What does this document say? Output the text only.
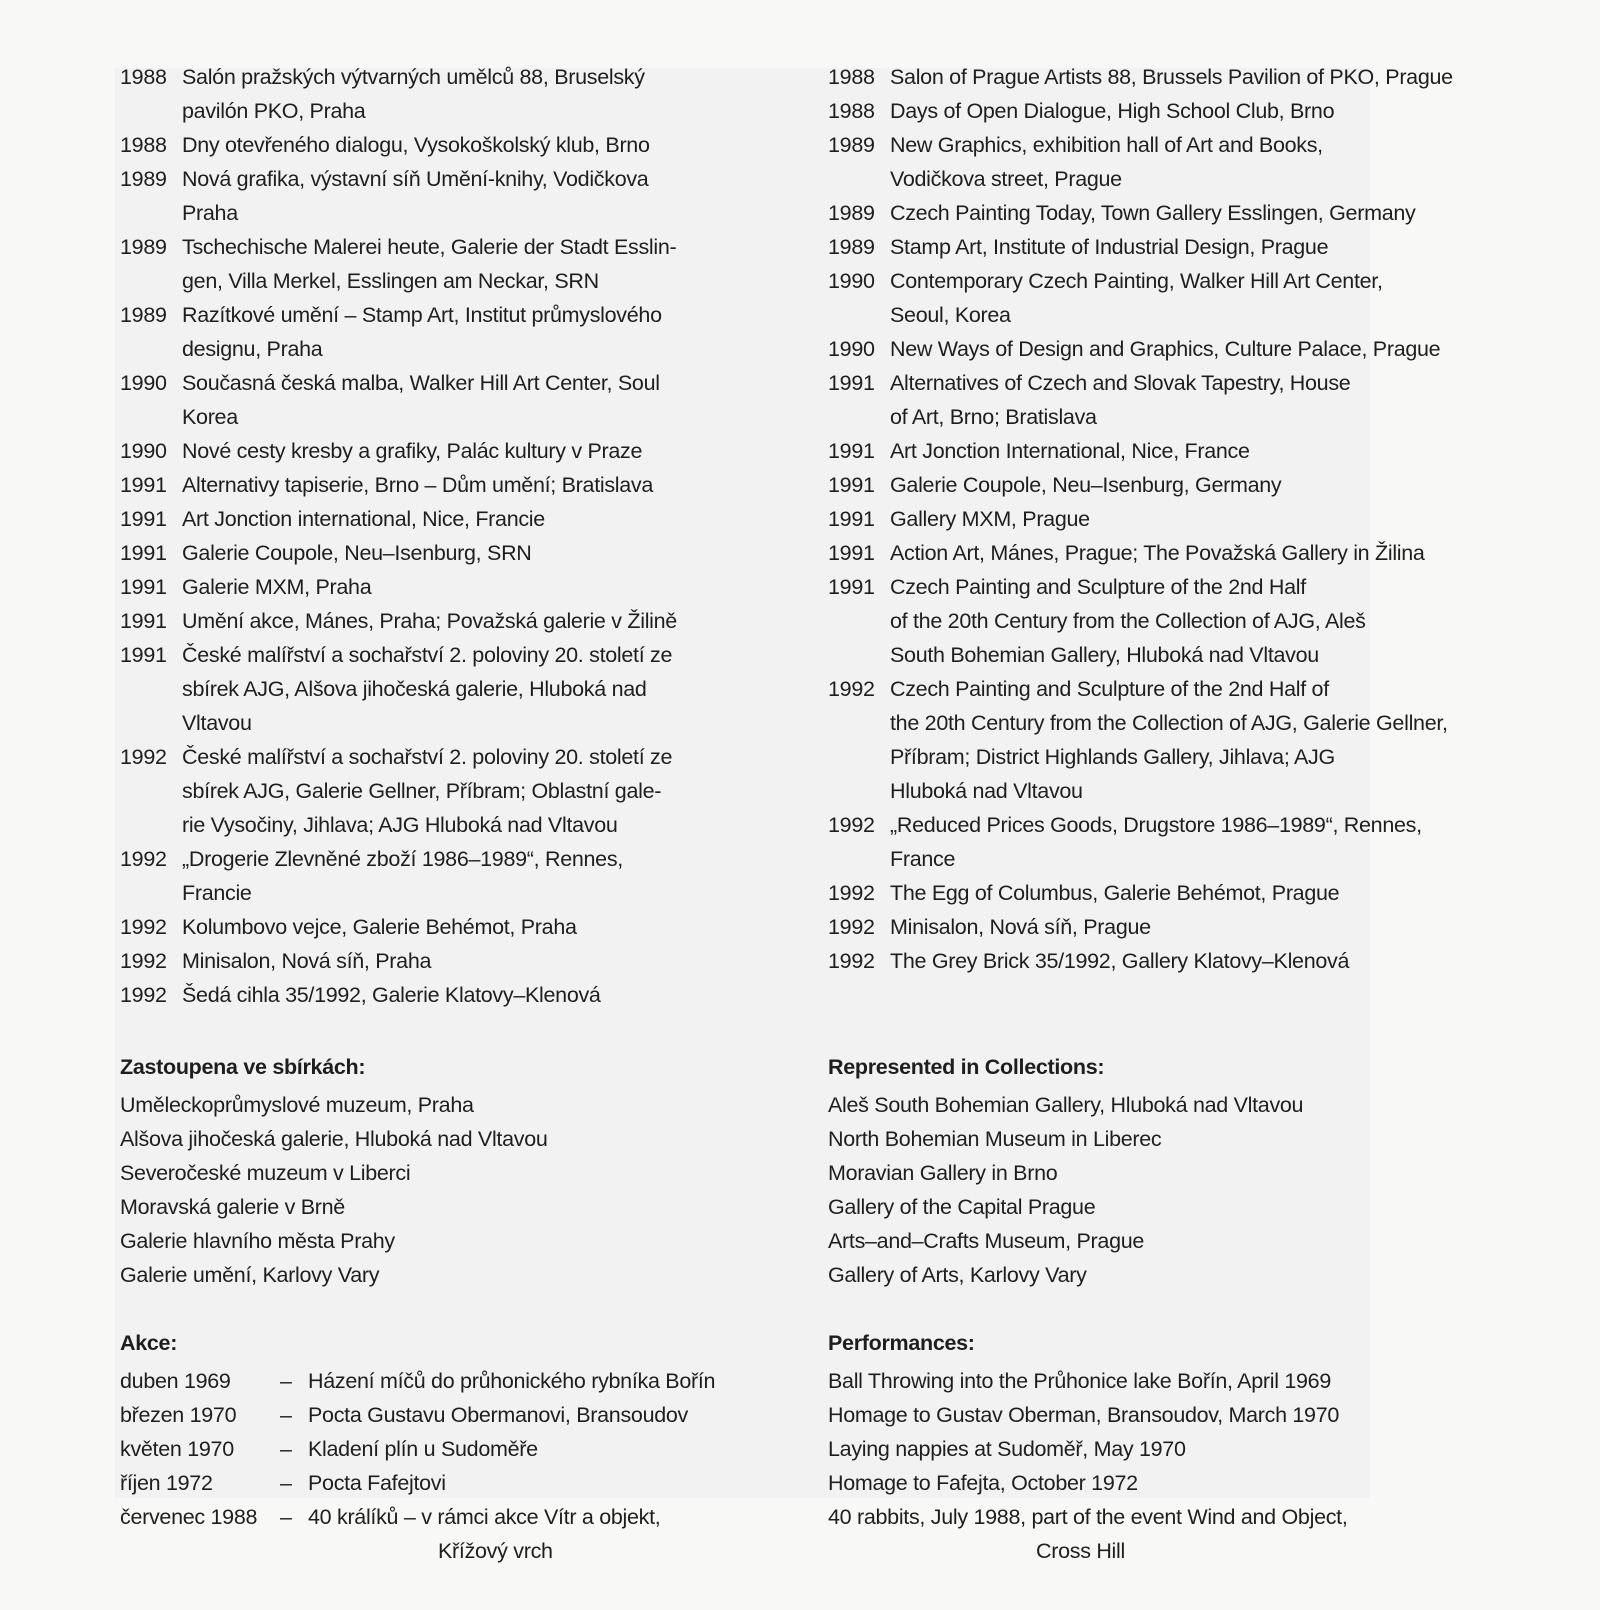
1988 Salón pražských výtvarných umělců 88, Bruselský
pavilón PKO, Praha
1988 Dny otevřeného dialogu, Vysokoškolský klub, Brno
1989 Nová grafika, výstavní síň Umění-knihy, Vodičkova
Praha
1989 Tschechische Malerei heute, Galerie der Stadt Esslin-
gen, Villa Merkel, Esslingen am Neckar, SRN
1989 Razítkové umění – Stamp Art, Institut průmyslového
designu, Praha
1990 Současná česká malba, Walker Hill Art Center, Soul
Korea
1990 Nové cesty kresby a grafiky, Palác kultury v Praze
1991 Alternativy tapiserie, Brno – Dům umění; Bratislava
1991 Art Jonction international, Nice, Francie
1991 Galerie Coupole, Neu–Isenburg, SRN
1991 Galerie MXM, Praha
1991 Umění akce, Mánes, Praha; Považská galerie v Žilině
1991 České malířství a sochařství 2. poloviny 20. století ze
sbírek AJG, Alšova jihočeská galerie, Hluboká nad
Vltavou
1992 České malířství a sochařství 2. poloviny 20. století ze
sbírek AJG, Galerie Gellner, Příbram; Oblastní gale-
rie Vysočiny, Jihlava; AJG Hluboká nad Vltavou
1992 „Drogerie Zlevněné zboží 1986–1989“, Rennes,
Francie
1992 Kolumbovo vejce, Galerie Behémot, Praha
1992 Minisalon, Nová síň, Praha
1992 Šedá cihla 35/1992, Galerie Klatovy–Klenová
Zastoupena ve sbírkách:
Uměleckoprůmyslové muzeum, Praha
Alšova jihočeská galerie, Hluboká nad Vltavou
Severočeské muzeum v Liberci
Moravská galerie v Brně
Galerie hlavního města Prahy
Galerie umění, Karlovy Vary
Akce:
duben 1969	– Házení míčů do průhonického rybníka Bořín
březen 1970	– Pocta Gustavu Obermanovi, Bransoudov
květen 1970	– Kladení plín u Sudoměře
říjen 1972	– Pocta Fafejtovi
červenec 1988	– 40 králíků – v rámci akce Vítr a objekt,
Křížový vrch
1988 Salon of Prague Artists 88, Brussels Pavilion of PKO, Prague
1988 Days of Open Dialogue, High School Club, Brno
1989 New Graphics, exhibition hall of Art and Books,
Vodičkova street, Prague
1989 Czech Painting Today, Town Gallery Esslingen, Germany
1989 Stamp Art, Institute of Industrial Design, Prague
1990 Contemporary Czech Painting, Walker Hill Art Center,
Seoul, Korea
1990 New Ways of Design and Graphics, Culture Palace, Prague
1991 Alternatives of Czech and Slovak Tapestry, House
of Art, Brno; Bratislava
1991 Art Jonction International, Nice, France
1991 Galerie Coupole, Neu–Isenburg, Germany
1991 Gallery MXM, Prague
1991 Action Art, Mánes, Prague; The Považská Gallery in Žilina
1991 Czech Painting and Sculpture of the 2nd Half
of the 20th Century from the Collection of AJG, Aleš
South Bohemian Gallery, Hluboká nad Vltavou
1992 Czech Painting and Sculpture of the 2nd Half of
the 20th Century from the Collection of AJG, Galerie Gellner,
Příbram; District Highlands Gallery, Jihlava; AJG
Hluboká nad Vltavou
1992 „Reduced Prices Goods, Drugstore 1986–1989“, Rennes,
France
1992 The Egg of Columbus, Galerie Behémot, Prague
1992 Minisalon, Nová síň, Prague
1992 The Grey Brick 35/1992, Gallery Klatovy–Klenová
Represented in Collections:
Aleš South Bohemian Gallery, Hluboká nad Vltavou
North Bohemian Museum in Liberec
Moravian Gallery in Brno
Gallery of the Capital Prague
Arts–and–Crafts Museum, Prague
Gallery of Arts, Karlovy Vary
Performances:
Ball Throwing into the Průhonice lake Bořín, April 1969
Homage to Gustav Oberman, Bransoudov, March 1970
Laying nappies at Sudoměř, May 1970
Homage to Fafejta, October 1972
40 rabbits, July 1988, part of the event Wind and Object,
Cross Hill
